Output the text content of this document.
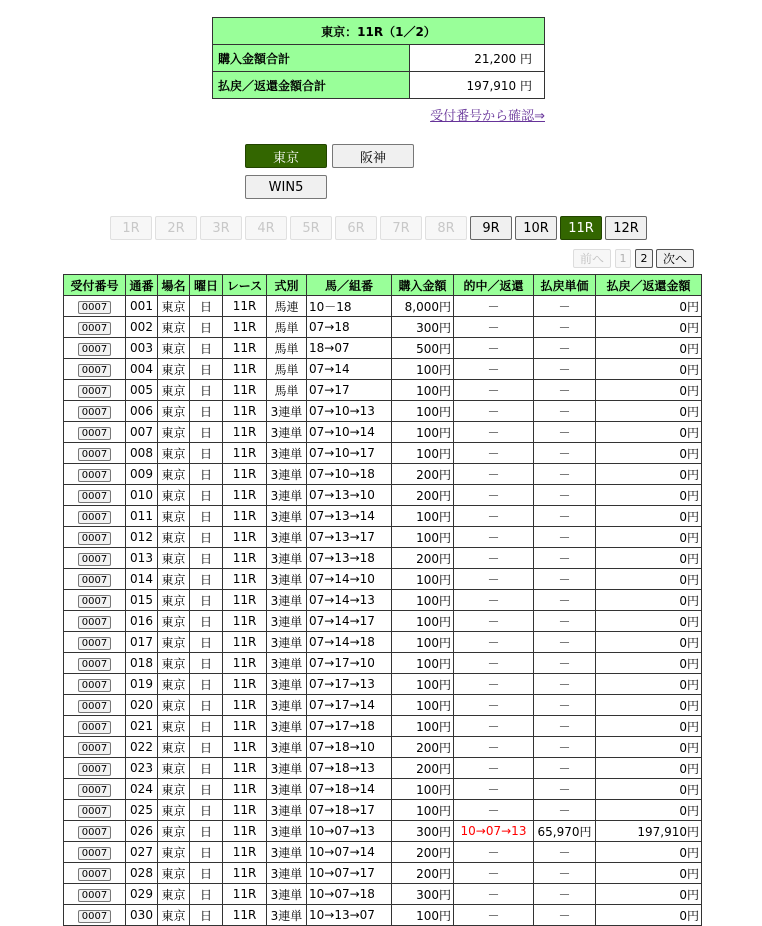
東京：11R（1／2）	
購入金額合計	21,200 円
払戻／返還金額合計	197,910 円
受付番号から確認⇒
東京	阪神
WIN5
1R	2R	3R	4R	5R	6R	7R	8R	9R	10R	11R	12R
前へ	1	2	次へ
受付番号	通番	場名	曜日	レース	式別	馬／組番	購入金額	的中／返還	払戻単価	払戻／返還金額
0007	001	東京	日	11R	馬連	10－18	8,000円	－	－	0円
0007	002	東京	日	11R	馬単	07→18	300円	－	－	0円
0007	003	東京	日	11R	馬単	18→07	500円	－	－	0円
0007	004	東京	日	11R	馬単	07→14	100円	－	－	0円
0007	005	東京	日	11R	馬単	07→17	100円	－	－	0円
0007	006	東京	日	11R	3連単	07→10→13	100円	－	－	0円
0007	007	東京	日	11R	3連単	07→10→14	100円	－	－	0円
0007	008	東京	日	11R	3連単	07→10→17	100円	－	－	0円
0007	009	東京	日	11R	3連単	07→10→18	200円	－	－	0円
0007	010	東京	日	11R	3連単	07→13→10	200円	－	－	0円
0007	011	東京	日	11R	3連単	07→13→14	100円	－	－	0円
0007	012	東京	日	11R	3連単	07→13→17	100円	－	－	0円
0007	013	東京	日	11R	3連単	07→13→18	200円	－	－	0円
0007	014	東京	日	11R	3連単	07→14→10	100円	－	－	0円
0007	015	東京	日	11R	3連単	07→14→13	100円	－	－	0円
0007	016	東京	日	11R	3連単	07→14→17	100円	－	－	0円
0007	017	東京	日	11R	3連単	07→14→18	100円	－	－	0円
0007	018	東京	日	11R	3連単	07→17→10	100円	－	－	0円
0007	019	東京	日	11R	3連単	07→17→13	100円	－	－	0円
0007	020	東京	日	11R	3連単	07→17→14	100円	－	－	0円
0007	021	東京	日	11R	3連単	07→17→18	100円	－	－	0円
0007	022	東京	日	11R	3連単	07→18→10	200円	－	－	0円
0007	023	東京	日	11R	3連単	07→18→13	200円	－	－	0円
0007	024	東京	日	11R	3連単	07→18→14	100円	－	－	0円
0007	025	東京	日	11R	3連単	07→18→17	100円	－	－	0円
0007	026	東京	日	11R	3連単	10→07→13	300円	10→07→13	65,970円	197,910円
0007	027	東京	日	11R	3連単	10→07→14	200円	－	－	0円
0007	028	東京	日	11R	3連単	10→07→17	200円	－	－	0円
0007	029	東京	日	11R	3連単	10→07→18	300円	－	－	0円
0007	030	東京	日	11R	3連単	10→13→07	100円	－	－	0円
